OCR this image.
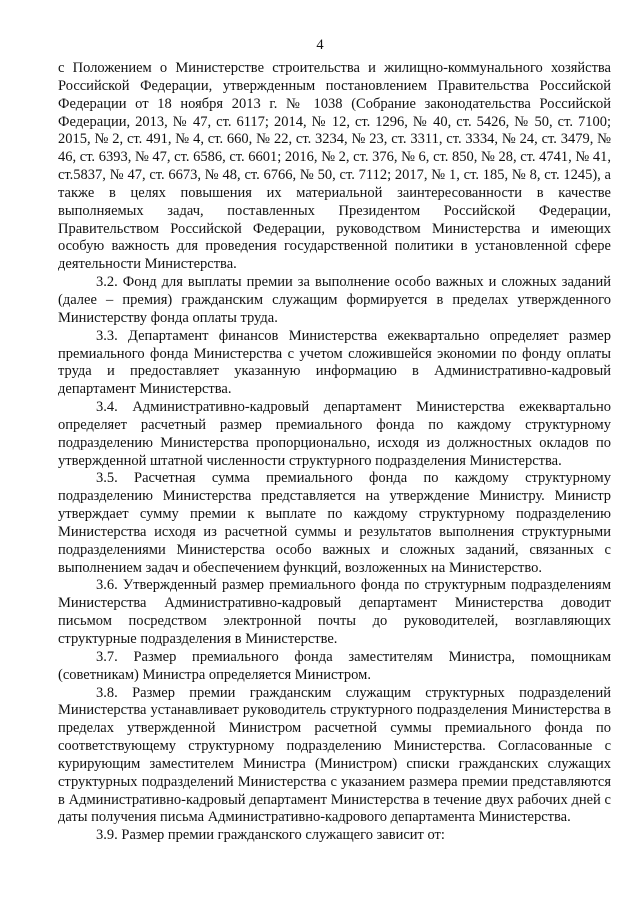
4

с Положением о Министерстве строительства и жилищно-коммунального хозяйства Российской Федерации, утвержденным постановлением Правительства Российской Федерации от 18 ноября 2013 г. № 1038 (Собрание законодательства Российской Федерации, 2013, № 47, ст. 6117; 2014, № 12, ст. 1296, № 40, ст. 5426, № 50, ст. 7100; 2015, № 2, ст. 491, № 4, ст. 660, № 22, ст. 3234, № 23, ст. 3311, ст. 3334, № 24, ст. 3479, № 46, ст. 6393, № 47, ст. 6586, ст. 6601; 2016, № 2, ст. 376, № 6, ст. 850, № 28, ст. 4741, № 41, ст.5837, № 47, ст. 6673, № 48, ст. 6766, № 50, ст. 7112; 2017, № 1, ст. 185, № 8, ст. 1245), а также в целях повышения их материальной заинтересованности в качестве выполняемых задач, поставленных Президентом Российской Федерации, Правительством Российской Федерации, руководством Министерства и имеющих особую важность для проведения государственной политики в установленной сфере деятельности Министерства.

3.2. Фонд для выплаты премии за выполнение особо важных и сложных заданий (далее – премия) гражданским служащим формируется в пределах утвержденного Министерству фонда оплаты труда.

3.3. Департамент финансов Министерства ежеквартально определяет размер премиального фонда Министерства с учетом сложившейся экономии по фонду оплаты труда и предоставляет указанную информацию в Административно-кадровый департамент Министерства.

3.4. Административно-кадровый департамент Министерства ежеквартально определяет расчетный размер премиального фонда по каждому структурному подразделению Министерства пропорционально, исходя из должностных окладов по утвержденной штатной численности структурного подразделения Министерства.

3.5. Расчетная сумма премиального фонда по каждому структурному подразделению Министерства представляется на утверждение Министру. Министр утверждает сумму премии к выплате по каждому структурному подразделению Министерства исходя из расчетной суммы и результатов выполнения структурными подразделениями Министерства особо важных и сложных заданий, связанных с выполнением задач и обеспечением функций, возложенных на Министерство.

3.6. Утвержденный размер премиального фонда по структурным подразделениям Министерства Административно-кадровый департамент Министерства доводит письмом посредством электронной почты до руководителей, возглавляющих структурные подразделения в Министерстве.

3.7. Размер премиального фонда заместителям Министра, помощникам (советникам) Министра определяется Министром.

3.8. Размер премии гражданским служащим структурных подразделений Министерства устанавливает руководитель структурного подразделения Министерства в пределах утвержденной Министром расчетной суммы премиального фонда по соответствующему структурному подразделению Министерства. Согласованные с курирующим заместителем Министра (Министром) списки гражданских служащих структурных подразделений Министерства с указанием размера премии представляются в Административно-кадровый департамент Министерства в течение двух рабочих дней с даты получения письма Административно-кадрового департамента Министерства.

3.9. Размер премии гражданского служащего зависит от:
